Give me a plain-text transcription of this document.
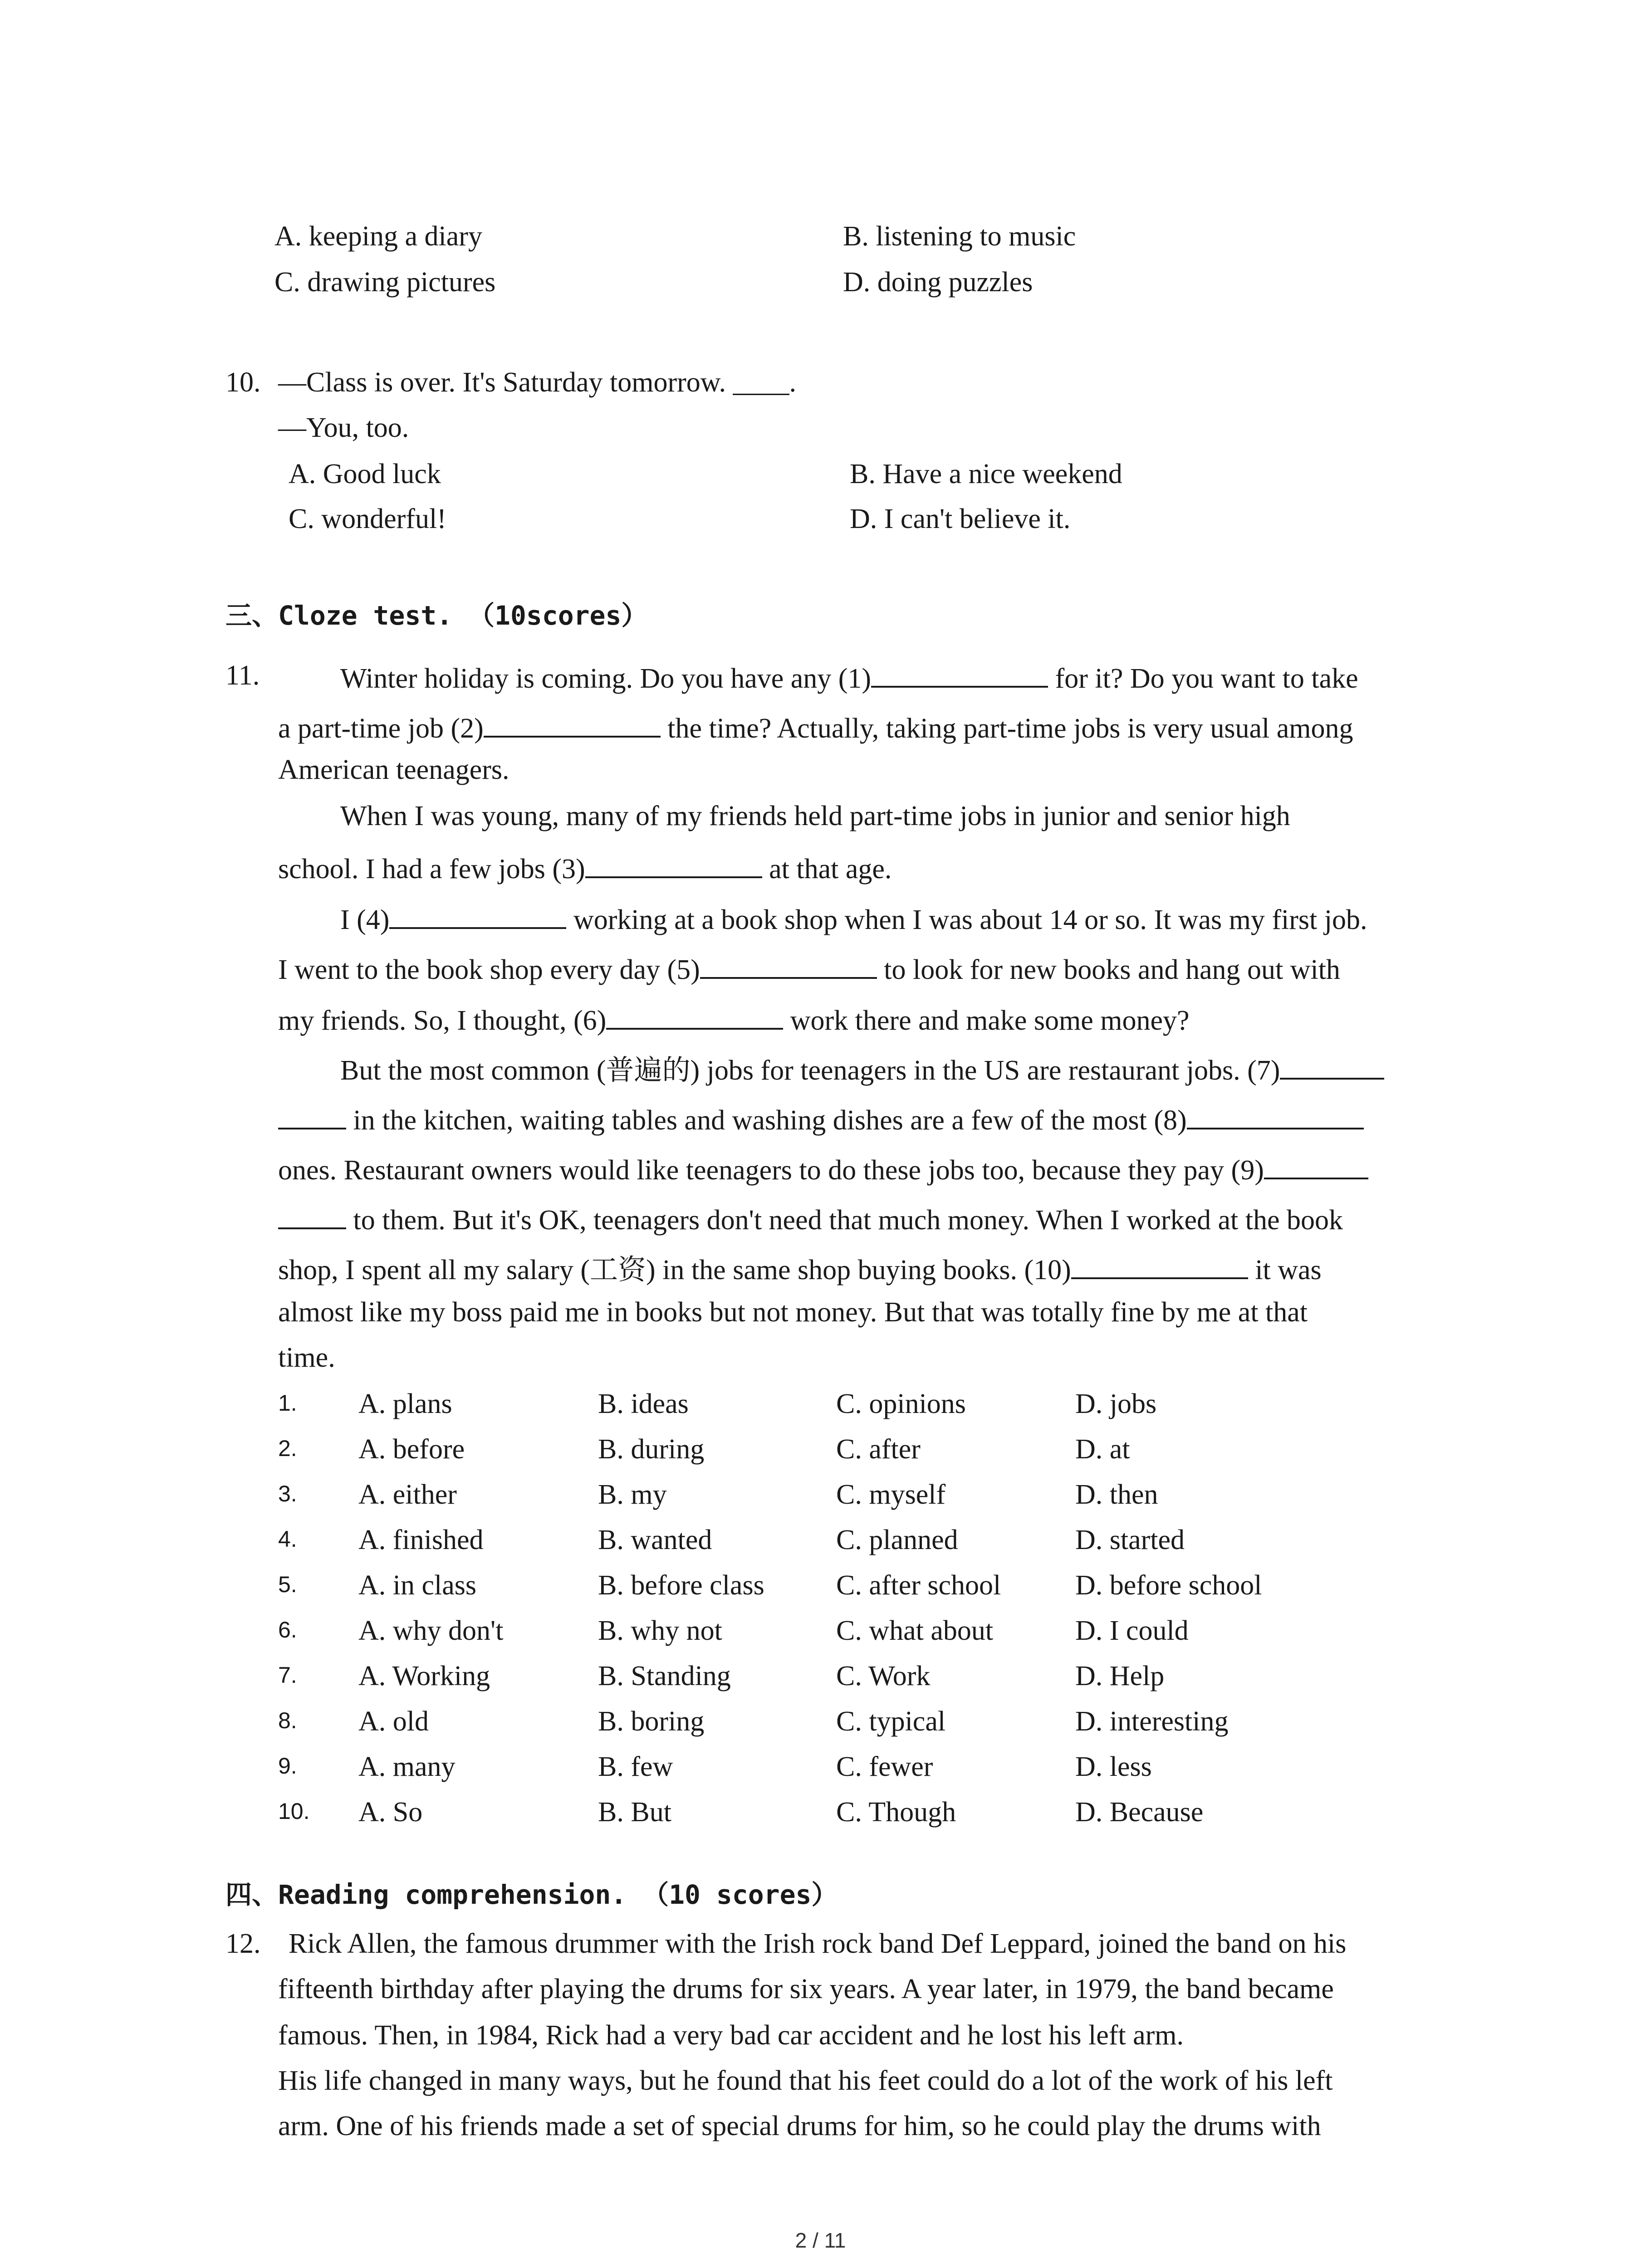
A. keeping a diary	B. listening to music
C. drawing pictures	D. doing puzzles
10. —Class is over. It's Saturday tomorrow. ____.
—You, too.
A. Good luck	B. Have a nice weekend
C. wonderful!	D. I can't believe it.
三、Cloze test. （10scores）
11.	Winter holiday is coming. Do you have any (1)	for it? Do you want to take
a part-time job (2)	the time? Actually, taking part-time jobs is very usual among
American teenagers.
When I was young, many of my friends held part-time jobs in junior and senior high
school. I had a few jobs (3)	at that age.
I (4)	working at a book shop when I was about 14 or so. It was my first job.
I went to the book shop every day (5)	to look for new books and hang out with
my friends. So, I thought, (6)	work there and make some money?
But the most common (普遍的) jobs for teenagers in the US are restaurant jobs. (7)
in the kitchen, waiting tables and washing dishes are a few of the most (8)
ones. Restaurant owners would like teenagers to do these jobs too, because they pay (9)
to them. But it's OK, teenagers don't need that much money. When I worked at the book
shop, I spent all my salary (工资) in the same shop buying books. (10)	it was
almost like my boss paid me in books but not money. But that was totally fine by me at that
time.
1. A. plans	B. ideas	C. opinions	D. jobs
2. A. before	B. during	C. after	D. at
3. A. either	B. my	C. myself	D. then
4. A. finished	B. wanted	C. planned	D. started
5. A. in class	B. before class	C. after school	D. before school
6. A. why don't	B. why not	C. what about	D. I could
7. A. Working	B. Standing	C. Work	D. Help
8. A. old	B. boring	C. typical	D. interesting
9. A. many	B. few	C. fewer	D. less
10. A. So	B. But	C. Though	D. Because
四、Reading comprehension. （10 scores）
12. Rick Allen, the famous drummer with the Irish rock band Def Leppard, joined the band on his
fifteenth birthday after playing the drums for six years. A year later, in 1979, the band became
famous. Then, in 1984, Rick had a very bad car accident and he lost his left arm.
His life changed in many ways, but he found that his feet could do a lot of the work of his left
arm. One of his friends made a set of special drums for him, so he could play the drums with
2 / 11
